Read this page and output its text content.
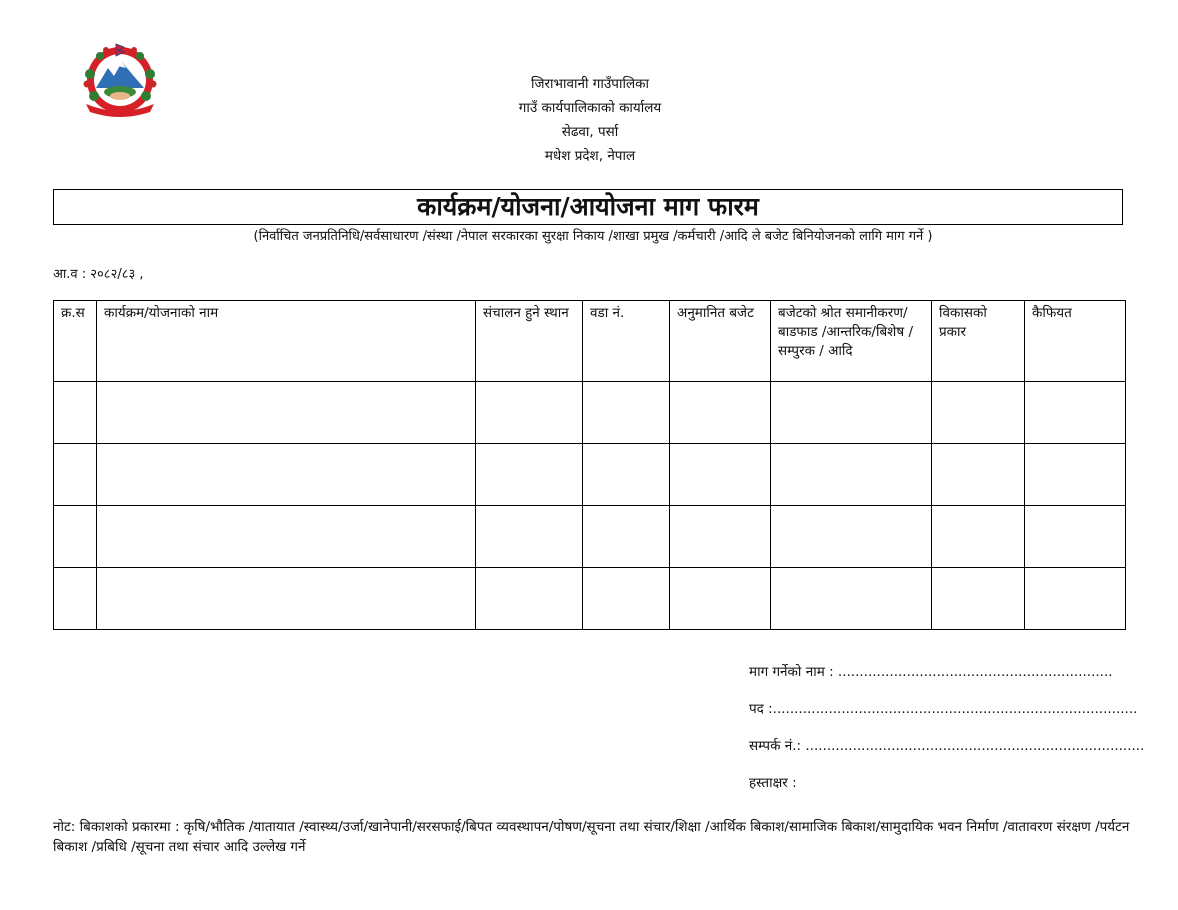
जिराभावानी गाउँपालिका
गाउँ कार्यपालिकाको कार्यालय
सेढवा, पर्सा
मधेश प्रदेश, नेपाल
कार्यक्रम/योजना/आयोजना माग फारम
(निर्वाचित जनप्रतिनिधि/सर्वसाधारण /संस्था /नेपाल सरकारका सुरक्षा निकाय /शाखा प्रमुख /कर्मचारी /आदि ले बजेट बिनियोजनको लागि माग गर्ने )
आ.व : २०८२/८३ ,
क्र.स	कार्यक्रम/योजनाको नाम	संचालन हुने स्थान	वडा नं.	अनुमानित बजेट	बजेटको श्रोत समानीकरण/बाडफाड /आन्तरिक/बिशेष /सम्पुरक / आदि	विकासको प्रकार	कैफियत

माग गर्नेको नाम : ................................................................
पद :.....................................................................................
सम्पर्क नं.: ...............................................................................
हस्ताक्षर :
नोट: बिकाशको प्रकारमा : कृषि/भौतिक /यातायात /स्वास्थ्य/उर्जा/खानेपानी/सरसफाई/बिपत व्यवस्थापन/पोषण/सूचना तथा संचार/शिक्षा /आर्थिक बिकाश/सामाजिक बिकाश/सामुदायिक भवन निर्माण /वातावरण संरक्षण /पर्यटन बिकाश /प्रबिधि /सूचना तथा संचार आदि उल्लेख गर्ने
